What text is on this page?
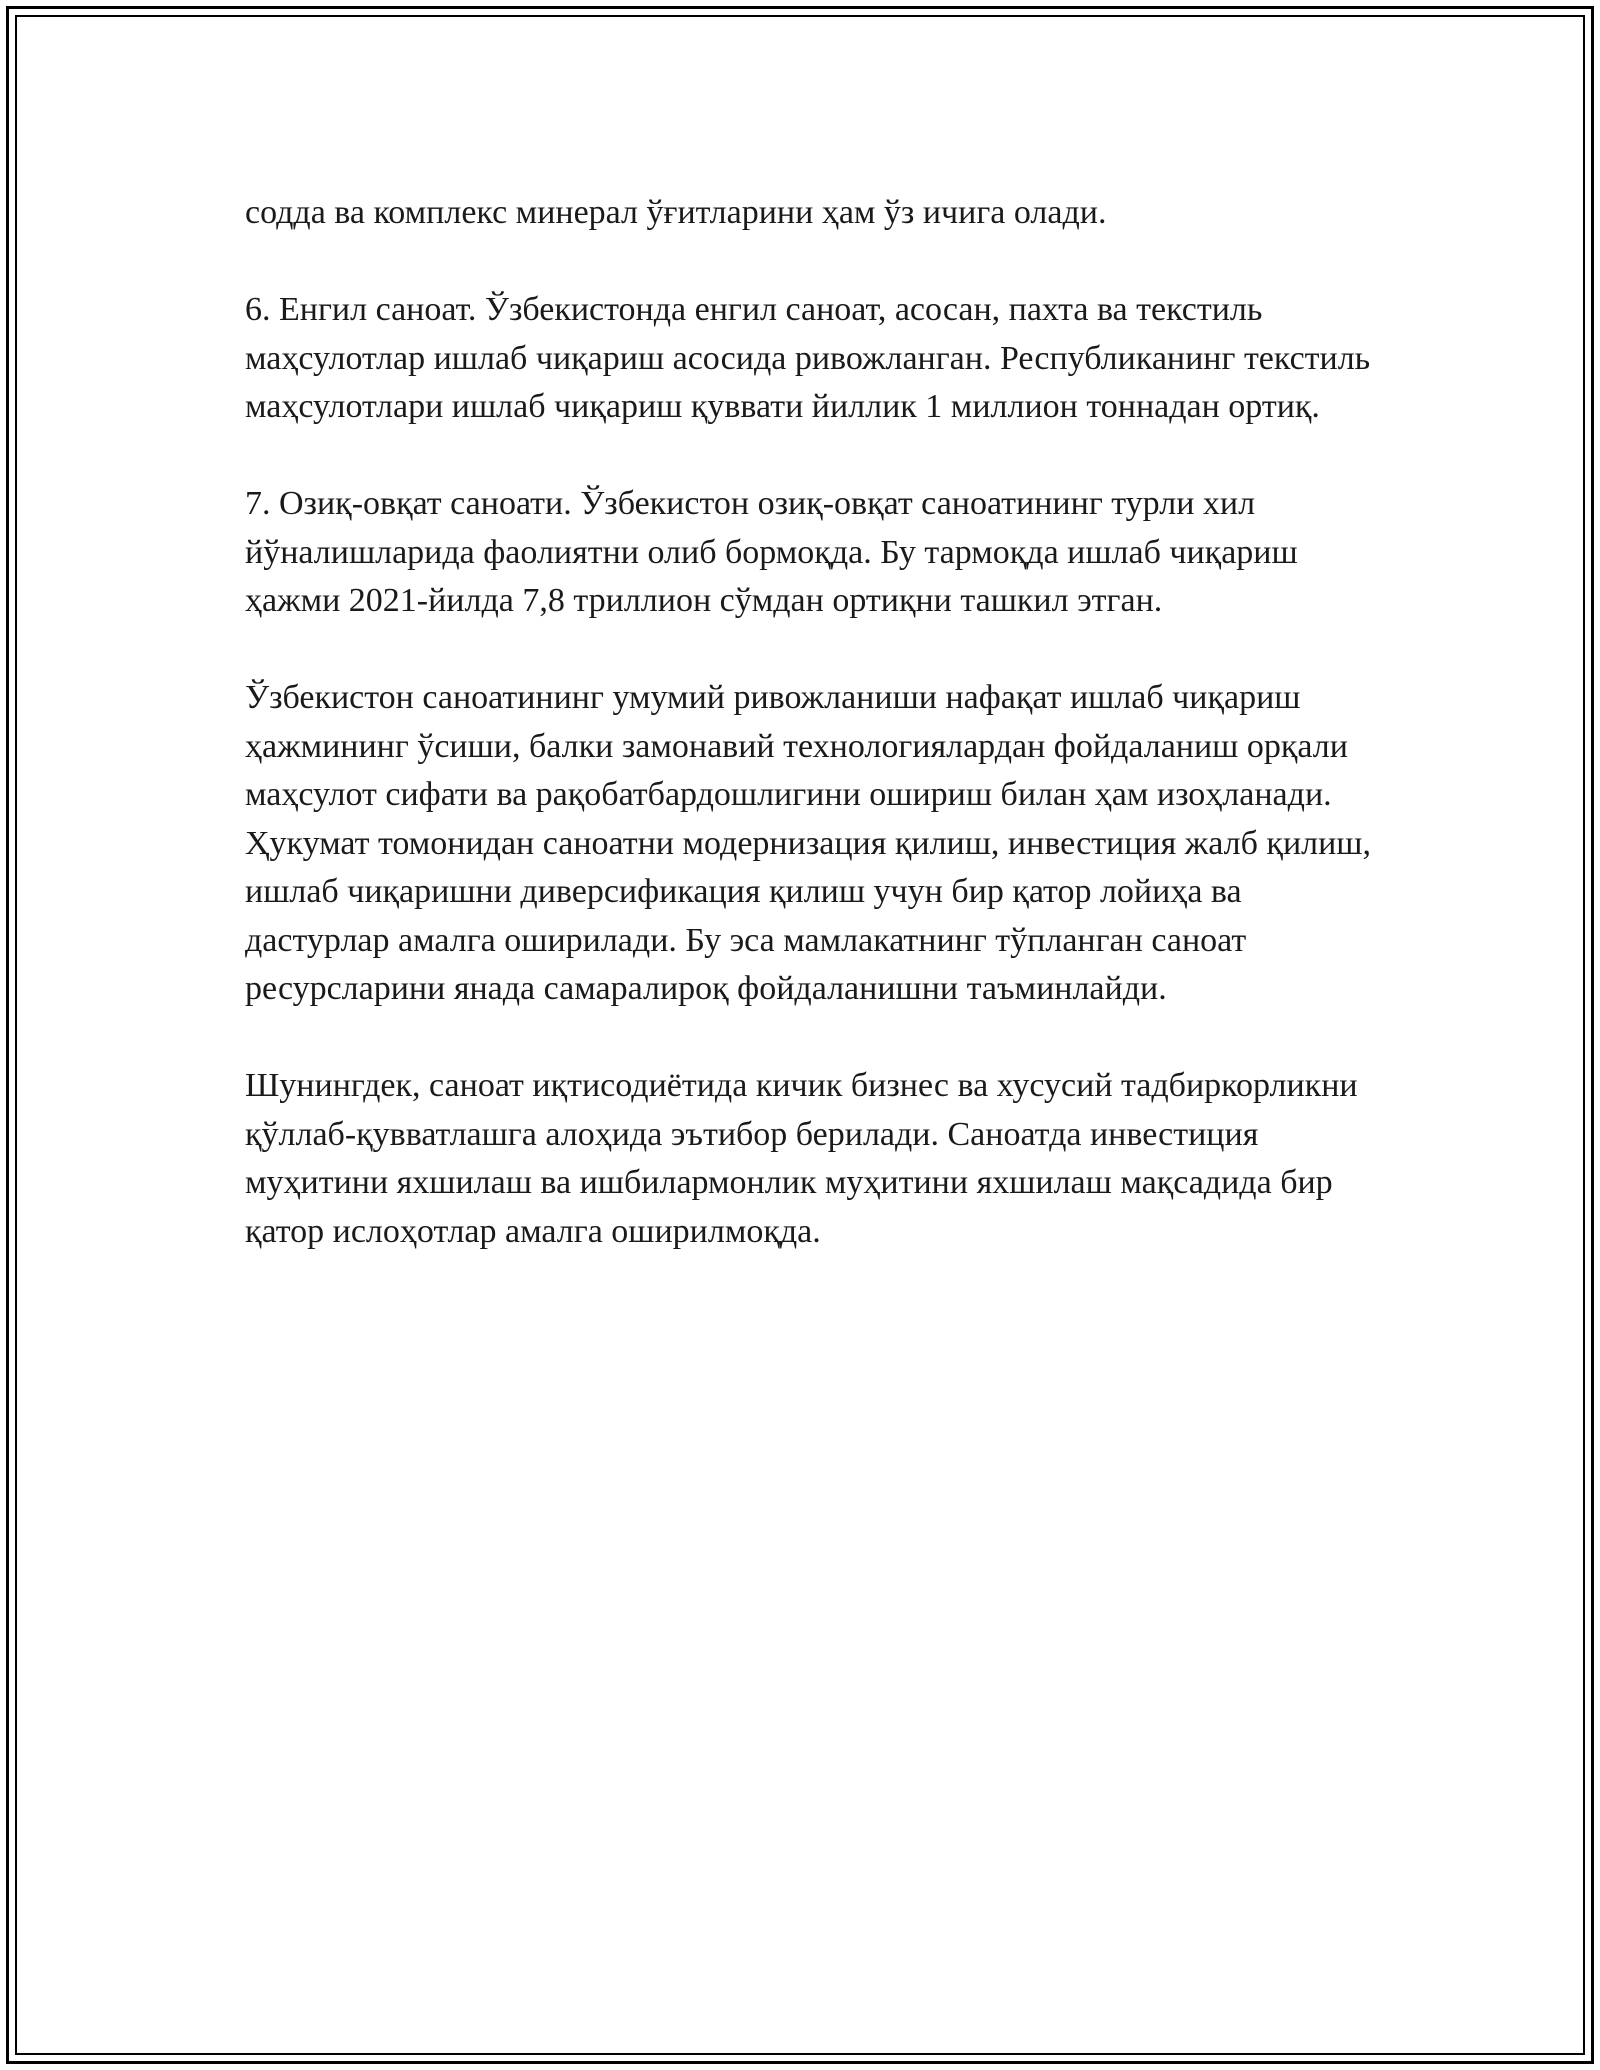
содда ва комплекс минерал ўғитларини ҳам ўз ичига олади.

6. Енгил саноат. Ўзбекистонда енгил саноат, асосан, пахта ва текстиль маҳсулотлар ишлаб чиқариш асосида ривожланган. Республиканинг текстиль маҳсулотлари ишлаб чиқариш қуввати йиллик 1 миллион тоннадан ортиқ.

7. Озиқ-овқат саноати. Ўзбекистон озиқ-овқат саноатининг турли хил йўналишларида фаолиятни олиб бормоқда. Бу тармоқда ишлаб чиқариш ҳажми 2021-йилда 7,8 триллион сўмдан ортиқни ташкил этган.

Ўзбекистон саноатининг умумий ривожланиши нафақат ишлаб чиқариш ҳажмининг ўсиши, балки замонавий технологиялардан фойдаланиш орқали маҳсулот сифати ва рақобатбардошлигини ошириш билан ҳам изоҳланади. Ҳукумат томонидан саноатни модернизация қилиш, инвестиция жалб қилиш, ишлаб чиқаришни диверсификация қилиш учун бир қатор лойиҳа ва дастурлар амалга оширилади. Бу эса мамлакатнинг тўпланган саноат ресурсларини янада самаралироқ фойдаланишни таъминлайди.

Шунингдек, саноат иқтисодиётида кичик бизнес ва хусусий тадбиркорликни қўллаб-қувватлашга алоҳида эътибор берилади. Саноатда инвестиция муҳитини яхшилаш ва ишбилармонлик муҳитини яхшилаш мақсадида бир қатор ислоҳотлар амалга оширилмоқда.
